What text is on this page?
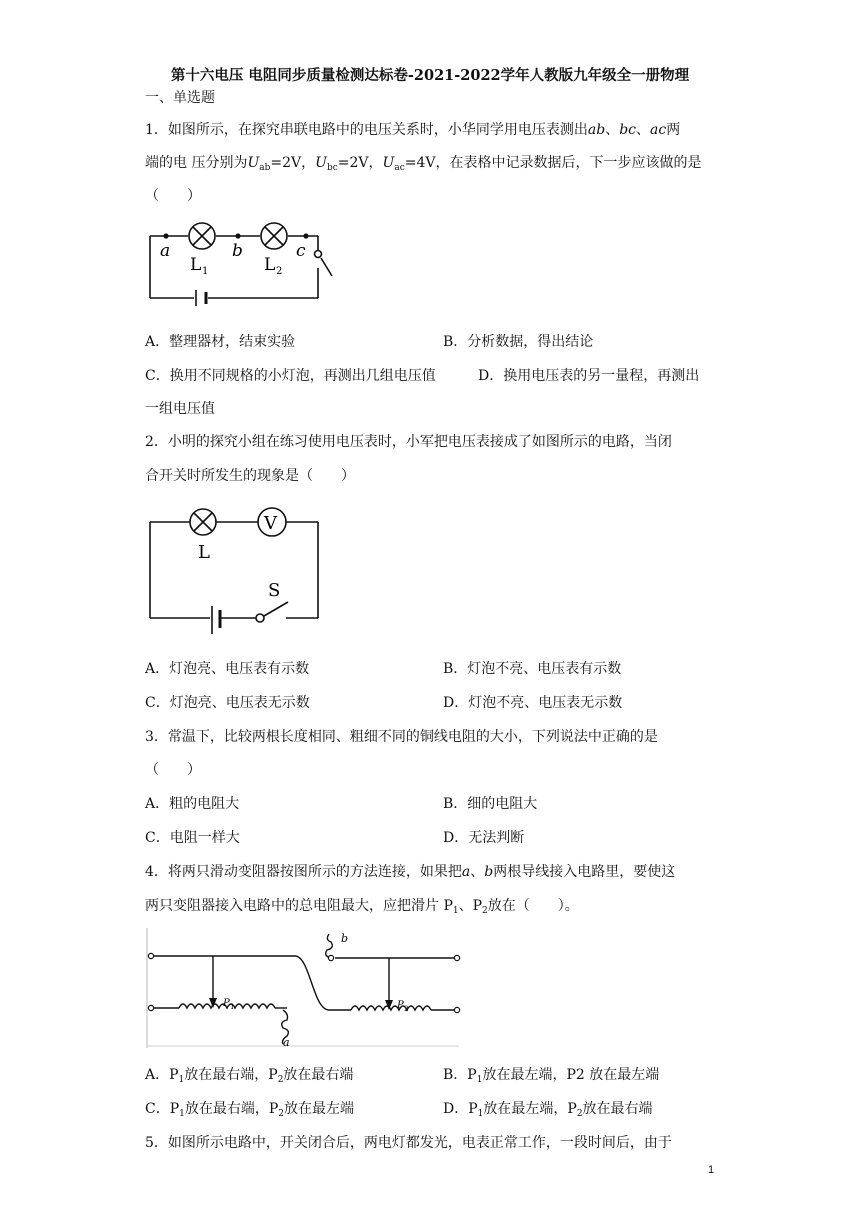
第十六电压 电阻同步质量检测达标卷-2021-2022学年人教版九年级全一册物理
一、单选题
1．如图所示，在探究串联电路中的电压关系时，小华同学用电压表测出ab、bc、ac两
端的电 压分别为$U_{ab}=2V$，$U_{bc}=2V$，$U_{ac}=4V$，在表格中记录数据后，下一步应该做的是
（　　）
a	b	c
L 1	L 2
A．整理器材，结束实验	B．分析数据，得出结论
C．换用不同规格的小灯泡，再测出几组电压值	D．换用电压表的另一量程，再测出
一组电压值
2．小明的探究小组在练习使用电压表时，小军把电压表接成了如图所示的电路，当闭
合开关时所发生的现象是（　　）
V
L
S
A．灯泡亮、电压表有示数	B．灯泡不亮、电压表有示数
C．灯泡亮、电压表无示数	D．灯泡不亮、电压表无示数
3．常温下，比较两根长度相同、粗细不同的铜线电阻的大小，下列说法中正确的是
（　　）
A．粗的电阻大	B．细的电阻大
C．电阻一样大	D．无法判断
4．将两只滑动变阻器按图所示的方法连接，如果把a、b两根导线接入电路里，要使这
两只变阻器接入电路中的总电阻最大，应把滑片 $P_1$、$P_2$放在（　　）。
P 1	P 2
a
b
A．$P_1$放在最右端，$P_2$放在最右端	B．$P_1$放在最左端，P2 放在最左端
C．$P_1$放在最右端，$P_2$放在最左端	D．$P_1$放在最左端，$P_2$放在最右端
5．如图所示电路中，开关闭合后，两电灯都发光，电表正常工作，一段时间后，由于
1
